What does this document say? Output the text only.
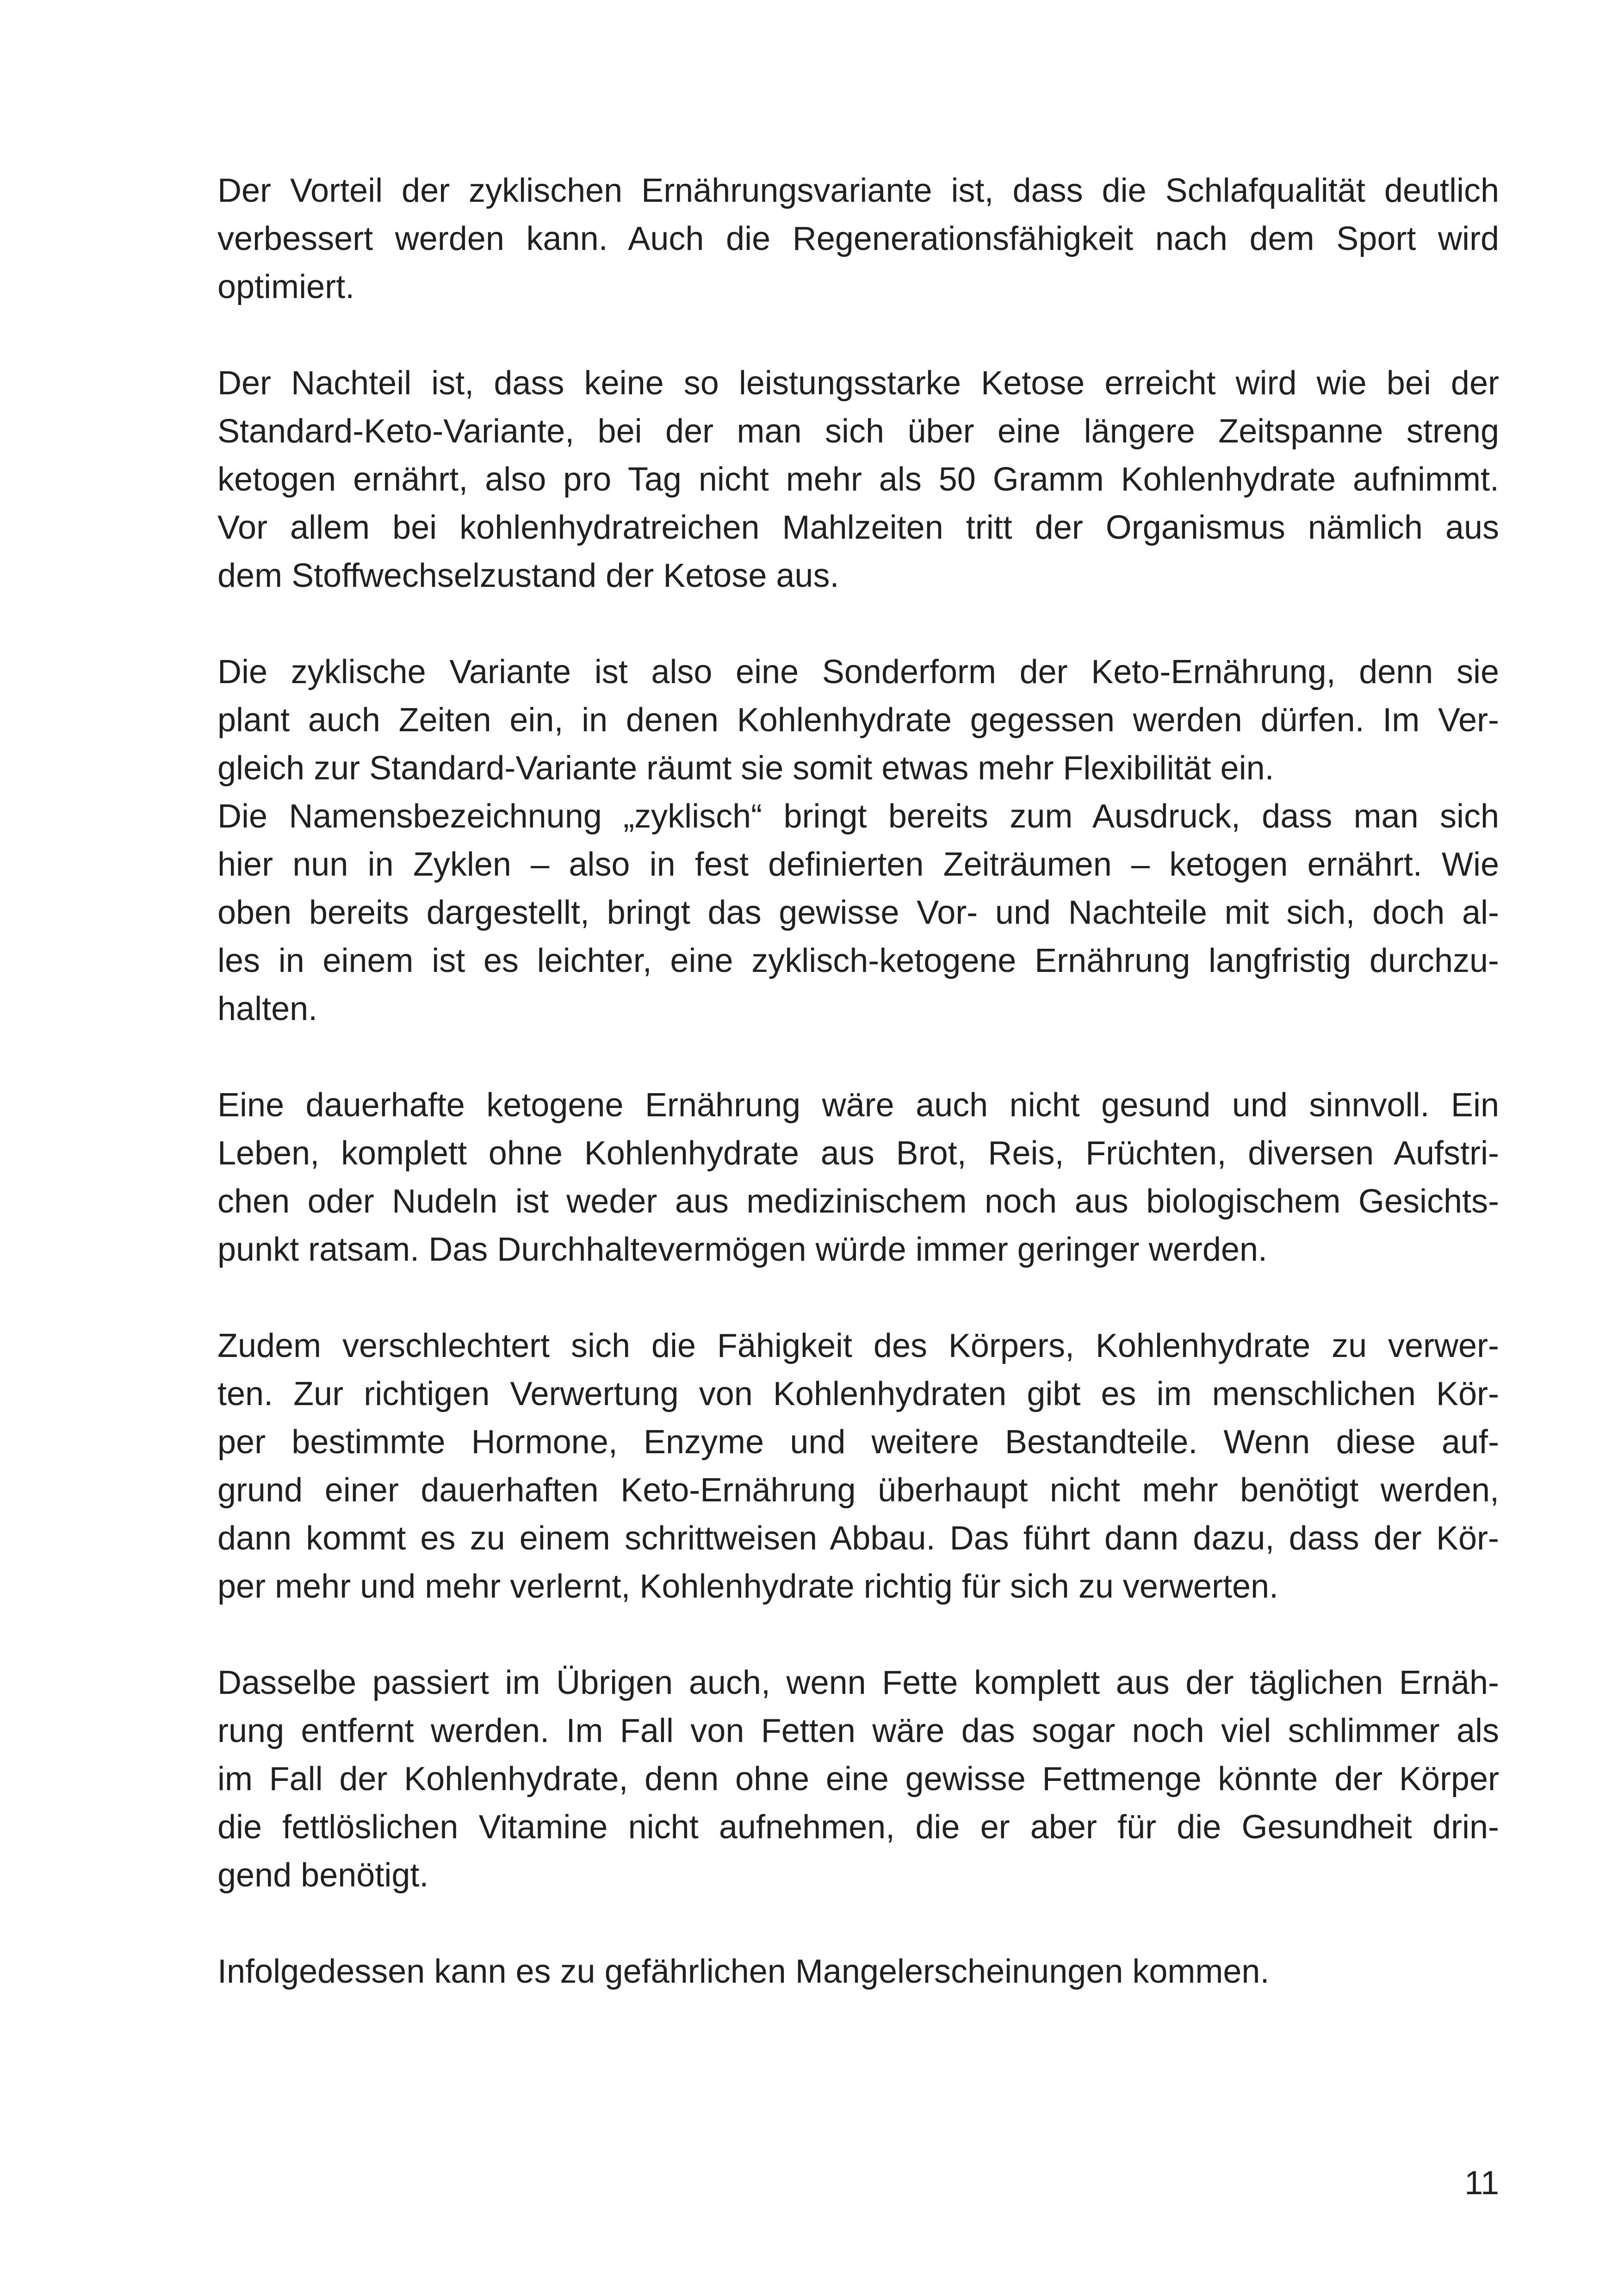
Der Vorteil der zyklischen Ernährungsvariante ist, dass die Schlafqualität deutlich
verbessert werden kann. Auch die Regenerationsfähigkeit nach dem Sport wird
optimiert.

Der Nachteil ist, dass keine so leistungsstarke Ketose erreicht wird wie bei der
Standard-Keto-Variante, bei der man sich über eine längere Zeitspanne streng
ketogen ernährt, also pro Tag nicht mehr als 50 Gramm Kohlenhydrate aufnimmt.
Vor allem bei kohlenhydratreichen Mahlzeiten tritt der Organismus nämlich aus
dem Stoffwechselzustand der Ketose aus.

Die zyklische Variante ist also eine Sonderform der Keto-Ernährung, denn sie
plant auch Zeiten ein, in denen Kohlenhydrate gegessen werden dürfen. Im Ver-
gleich zur Standard-Variante räumt sie somit etwas mehr Flexibilität ein.

Die Namensbezeichnung „zyklisch“ bringt bereits zum Ausdruck, dass man sich
hier nun in Zyklen – also in fest definierten Zeiträumen – ketogen ernährt. Wie
oben bereits dargestellt, bringt das gewisse Vor- und Nachteile mit sich, doch al-
les in einem ist es leichter, eine zyklisch-ketogene Ernährung langfristig durchzu-
halten.

Eine dauerhafte ketogene Ernährung wäre auch nicht gesund und sinnvoll. Ein
Leben, komplett ohne Kohlenhydrate aus Brot, Reis, Früchten, diversen Aufstri-
chen oder Nudeln ist weder aus medizinischem noch aus biologischem Gesichts-
punkt ratsam. Das Durchhaltevermögen würde immer geringer werden.

Zudem verschlechtert sich die Fähigkeit des Körpers, Kohlenhydrate zu verwer-
ten. Zur richtigen Verwertung von Kohlenhydraten gibt es im menschlichen Kör-
per bestimmte Hormone, Enzyme und weitere Bestandteile. Wenn diese auf-
grund einer dauerhaften Keto-Ernährung überhaupt nicht mehr benötigt werden,
dann kommt es zu einem schrittweisen Abbau. Das führt dann dazu, dass der Kör-
per mehr und mehr verlernt, Kohlenhydrate richtig für sich zu verwerten.

Dasselbe passiert im Übrigen auch, wenn Fette komplett aus der täglichen Ernäh-
rung entfernt werden. Im Fall von Fetten wäre das sogar noch viel schlimmer als
im Fall der Kohlenhydrate, denn ohne eine gewisse Fettmenge könnte der Körper
die fettlöslichen Vitamine nicht aufnehmen, die er aber für die Gesundheit drin-
gend benötigt.

Infolgedessen kann es zu gefährlichen Mangelerscheinungen kommen.

11
